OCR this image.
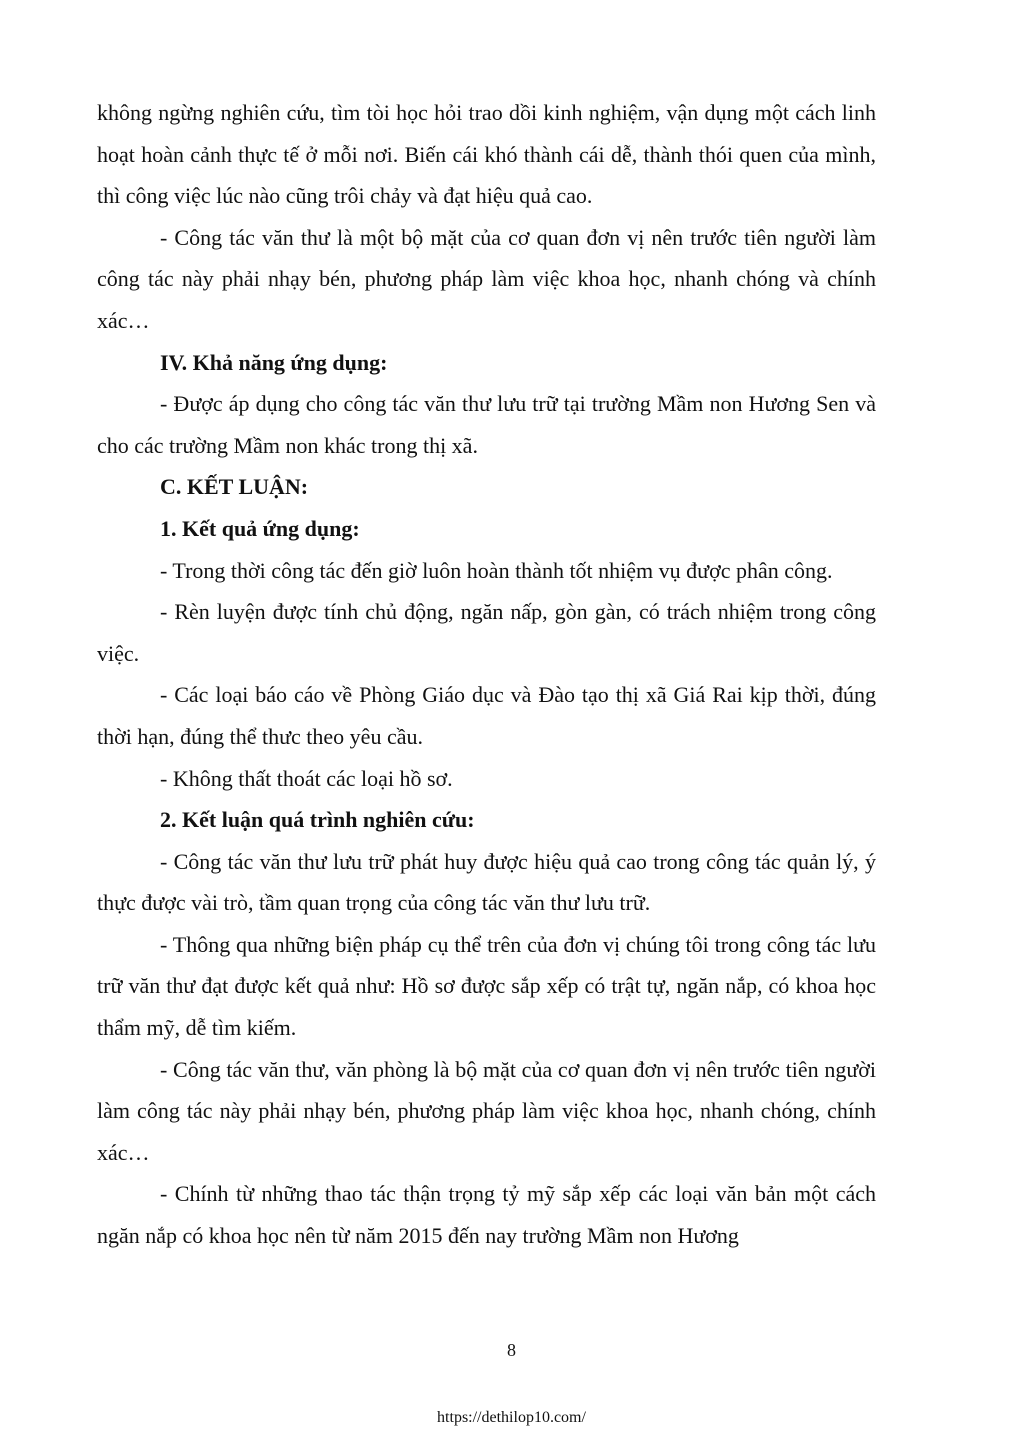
không ngừng nghiên cứu, tìm tòi học hỏi trao dồi kinh nghiệm, vận dụng một cách linh hoạt hoàn cảnh thực tế ở mỗi nơi. Biến cái khó thành cái dễ, thành thói quen của mình, thì công việc lúc nào cũng trôi chảy và đạt hiệu quả cao.

- Công tác văn thư là một bộ mặt của cơ quan đơn vị nên trước tiên người làm công tác này phải nhạy bén, phương pháp làm việc khoa học, nhanh chóng và chính xác…

IV. Khả năng ứng dụng:

- Được áp dụng cho công tác văn thư lưu trữ tại trường Mầm non Hương Sen và cho các trường Mầm non khác trong thị xã.

C. KẾT LUẬN:

1. Kết quả ứng dụng:

- Trong thời công tác đến giờ luôn hoàn thành tốt nhiệm vụ được phân công.

- Rèn luyện được tính chủ động, ngăn nấp, gòn gàn, có trách nhiệm trong công việc.

- Các loại báo cáo về Phòng Giáo dục và Đào tạo thị xã Giá Rai kịp thời, đúng thời hạn, đúng thể thưc theo yêu cầu.

- Không thất thoát các loại hồ sơ.

2. Kết luận quá trình nghiên cứu:

- Công tác văn thư lưu trữ phát huy được hiệu quả cao trong công tác quản lý, ý thực được vài trò, tầm quan trọng của công tác văn thư lưu trữ.

- Thông qua những biện pháp cụ thể trên của đơn vị chúng tôi trong công tác lưu trữ văn thư đạt được kết quả như: Hồ sơ được sắp xếp có trật tự, ngăn nắp, có khoa học thẩm mỹ, dễ tìm kiếm.

- Công tác văn thư, văn phòng là bộ mặt của cơ quan đơn vị nên trước tiên người làm công tác này phải nhạy bén, phương pháp làm việc khoa học, nhanh chóng, chính xác…

- Chính từ những thao tác thận trọng tỷ mỹ sắp xếp các loại văn bản một cách ngăn nắp có khoa học nên từ năm 2015 đến nay trường Mầm non Hương

8
https://dethilop10.com/
